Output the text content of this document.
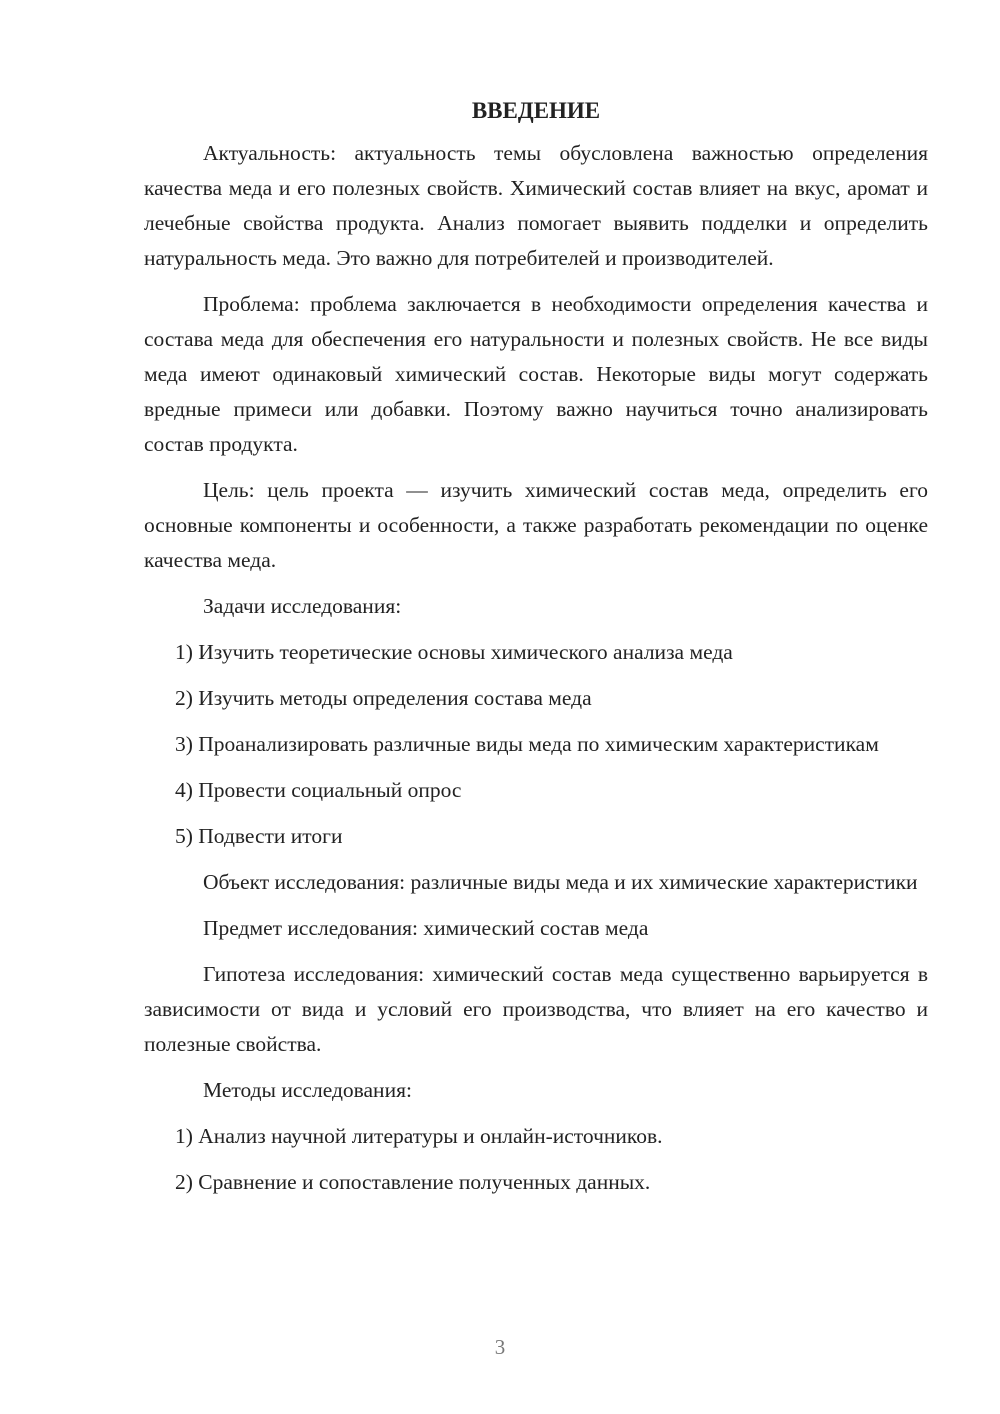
ВВЕДЕНИЕ

Актуальность: актуальность темы обусловлена важностью определения качества меда и его полезных свойств. Химический состав влияет на вкус, аромат и лечебные свойства продукта. Анализ помогает выявить подделки и определить натуральность меда. Это важно для потребителей и производителей.

Проблема: проблема заключается в необходимости определения качества и состава меда для обеспечения его натуральности и полезных свойств. Не все виды меда имеют одинаковый химический состав. Некоторые виды могут содержать вредные примеси или добавки. Поэтому важно научиться точно анализировать состав продукта.

Цель: цель проекта — изучить химический состав меда, определить его основные компоненты и особенности, а также разработать рекомендации по оценке качества меда.

Задачи исследования:

1) Изучить теоретические основы химического анализа меда

2) Изучить методы определения состава меда

3) Проанализировать различные виды меда по химическим характеристикам

4) Провести социальный опрос

5) Подвести итоги

Объект исследования: различные виды меда и их химические характеристики

Предмет исследования: химический состав меда

Гипотеза исследования: химический состав меда существенно варьируется в зависимости от вида и условий его производства, что влияет на его качество и полезные свойства.

Методы исследования:

1) Анализ научной литературы и онлайн-источников.

2) Сравнение и сопоставление полученных данных.

3
